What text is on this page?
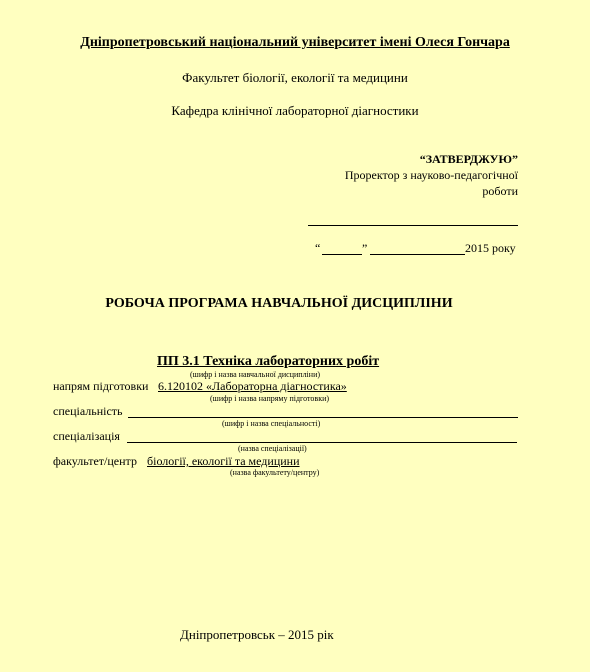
Дніпропетровський національний університет імені Олеся Гончара
Факультет біології, екології та медицини
Кафедра клінічної лабораторної діагностики
“ЗАТВЕРДЖУЮ”
Проректор з науково-педагогічної
роботи
“	”	2015 року
РОБОЧА ПРОГРАМА НАВЧАЛЬНОЇ ДИСЦИПЛІНИ
ПП 3.1 Техніка лабораторних робіт
(шифр і назва навчальної дисципліни)
напрям підготовки 6.120102 «Лабораторна діагностика»
(шифр і назва напряму підготовки)
спеціальність
(шифр і назва спеціальності)
спеціалізація
(назва спеціалізації)
факультет/центр біології, екології та медицини
(назва факультету/центру)
Дніпропетровськ – 2015 рік
